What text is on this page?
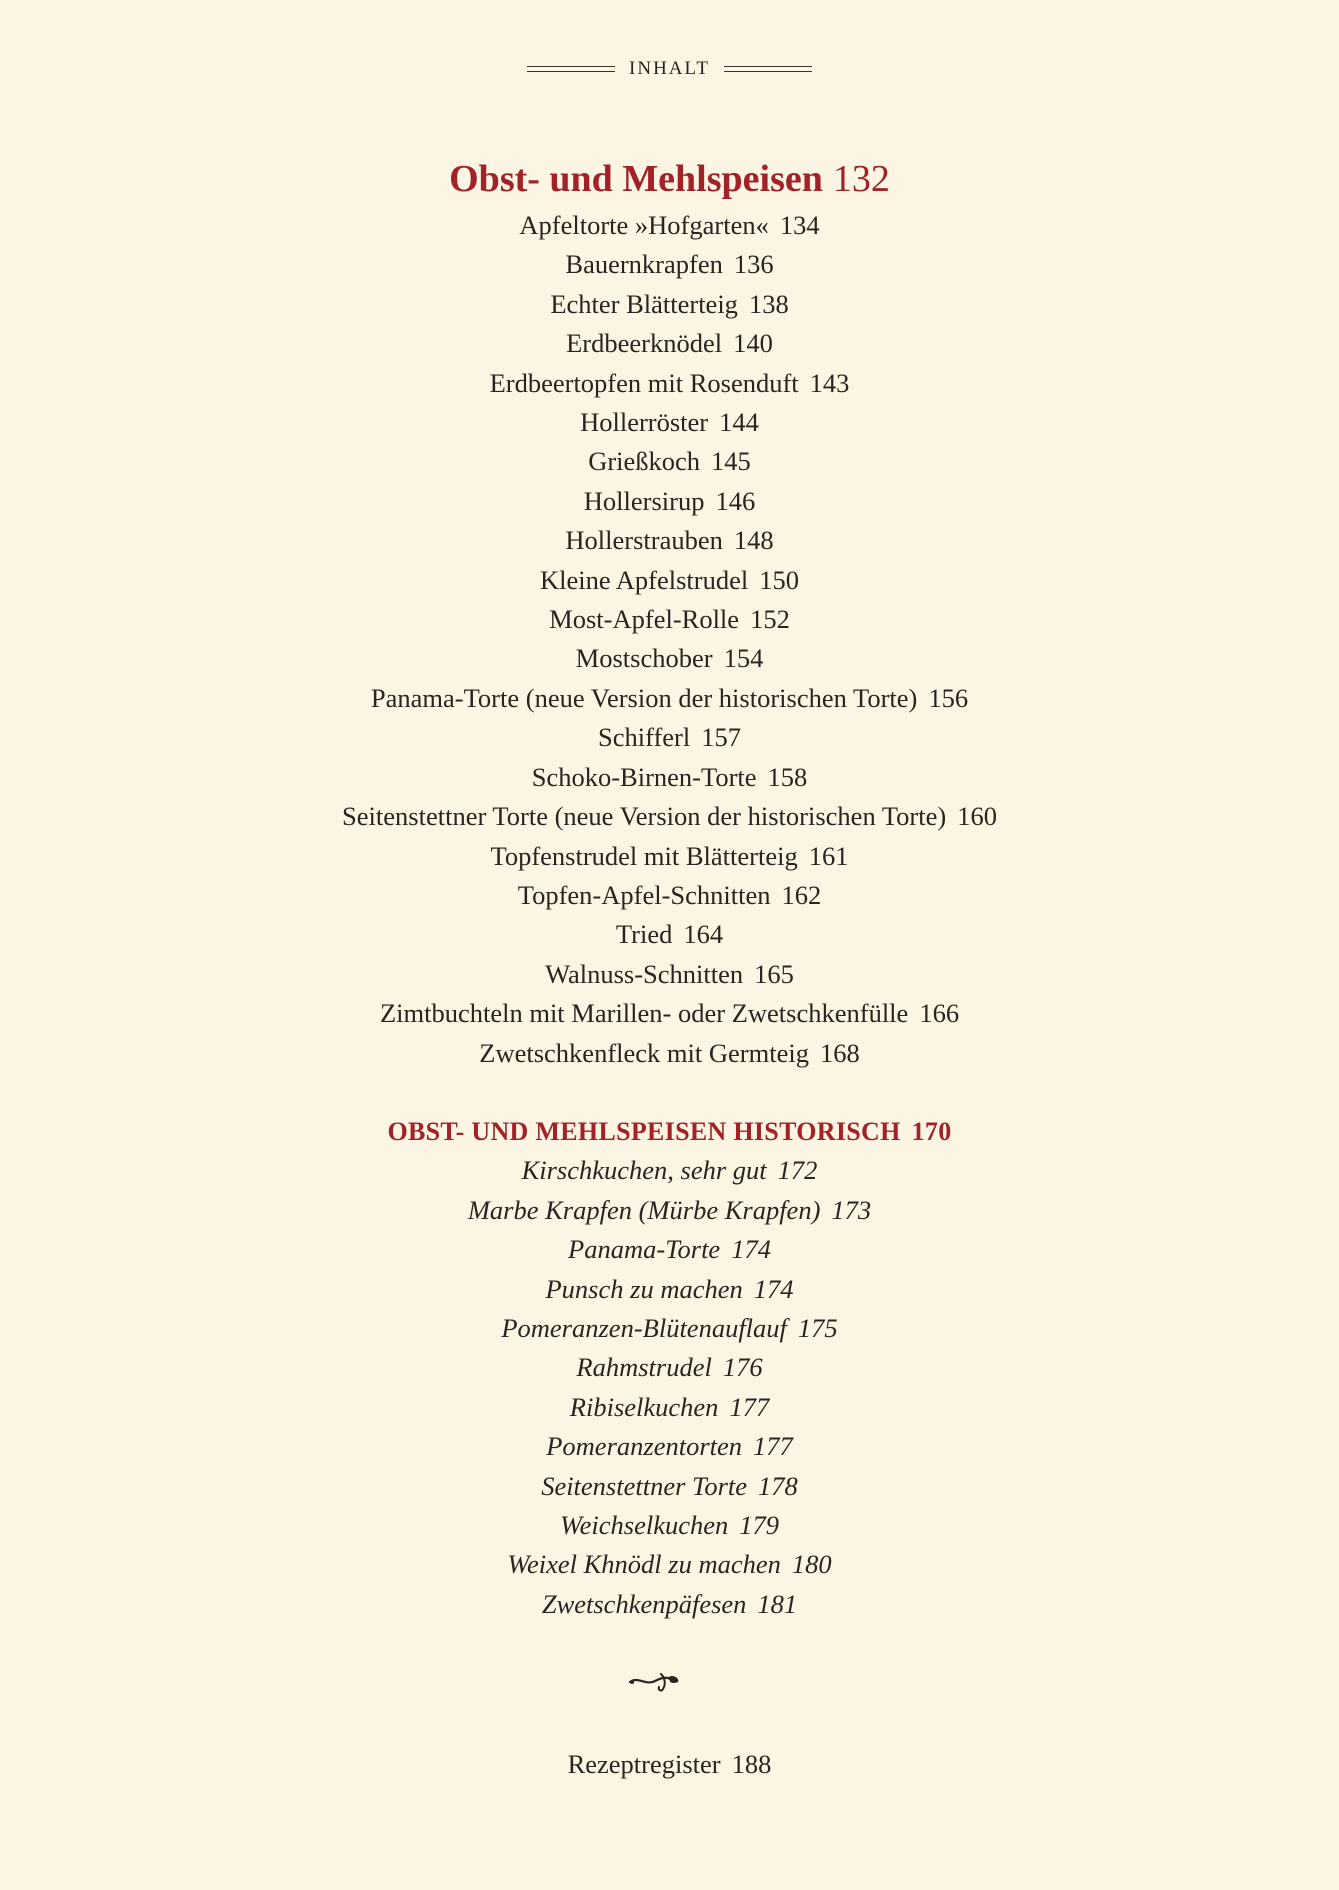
INHALT
Obst- und Mehlspeisen 132
Apfeltorte »Hofgarten« 134
Bauernkrapfen 136
Echter Blätterteig 138
Erdbeerknödel 140
Erdbeertopfen mit Rosenduft 143
Hollerröster 144
Grießkoch 145
Hollersirup 146
Hollerstrauben 148
Kleine Apfelstrudel 150
Most-Apfel-Rolle 152
Mostschober 154
Panama-Torte (neue Version der historischen Torte) 156
Schifferl 157
Schoko-Birnen-Torte 158
Seitenstettner Torte (neue Version der historischen Torte) 160
Topfenstrudel mit Blätterteig 161
Topfen-Apfel-Schnitten 162
Tried 164
Walnuss-Schnitten 165
Zimtbuchteln mit Marillen- oder Zwetschkenfülle 166
Zwetschkenfleck mit Germteig 168
OBST- UND MEHLSPEISEN HISTORISCH 170
Kirschkuchen, sehr gut 172
Marbe Krapfen (Mürbe Krapfen) 173
Panama-Torte 174
Punsch zu machen 174
Pomeranzen-Blütenauflauf 175
Rahmstrudel 176
Ribiselkuchen 177
Pomeranzentorten 177
Seitenstettner Torte 178
Weichselkuchen 179
Weixel Khnödl zu machen 180
Zwetschkenpäfesen 181
Rezeptregister 188
